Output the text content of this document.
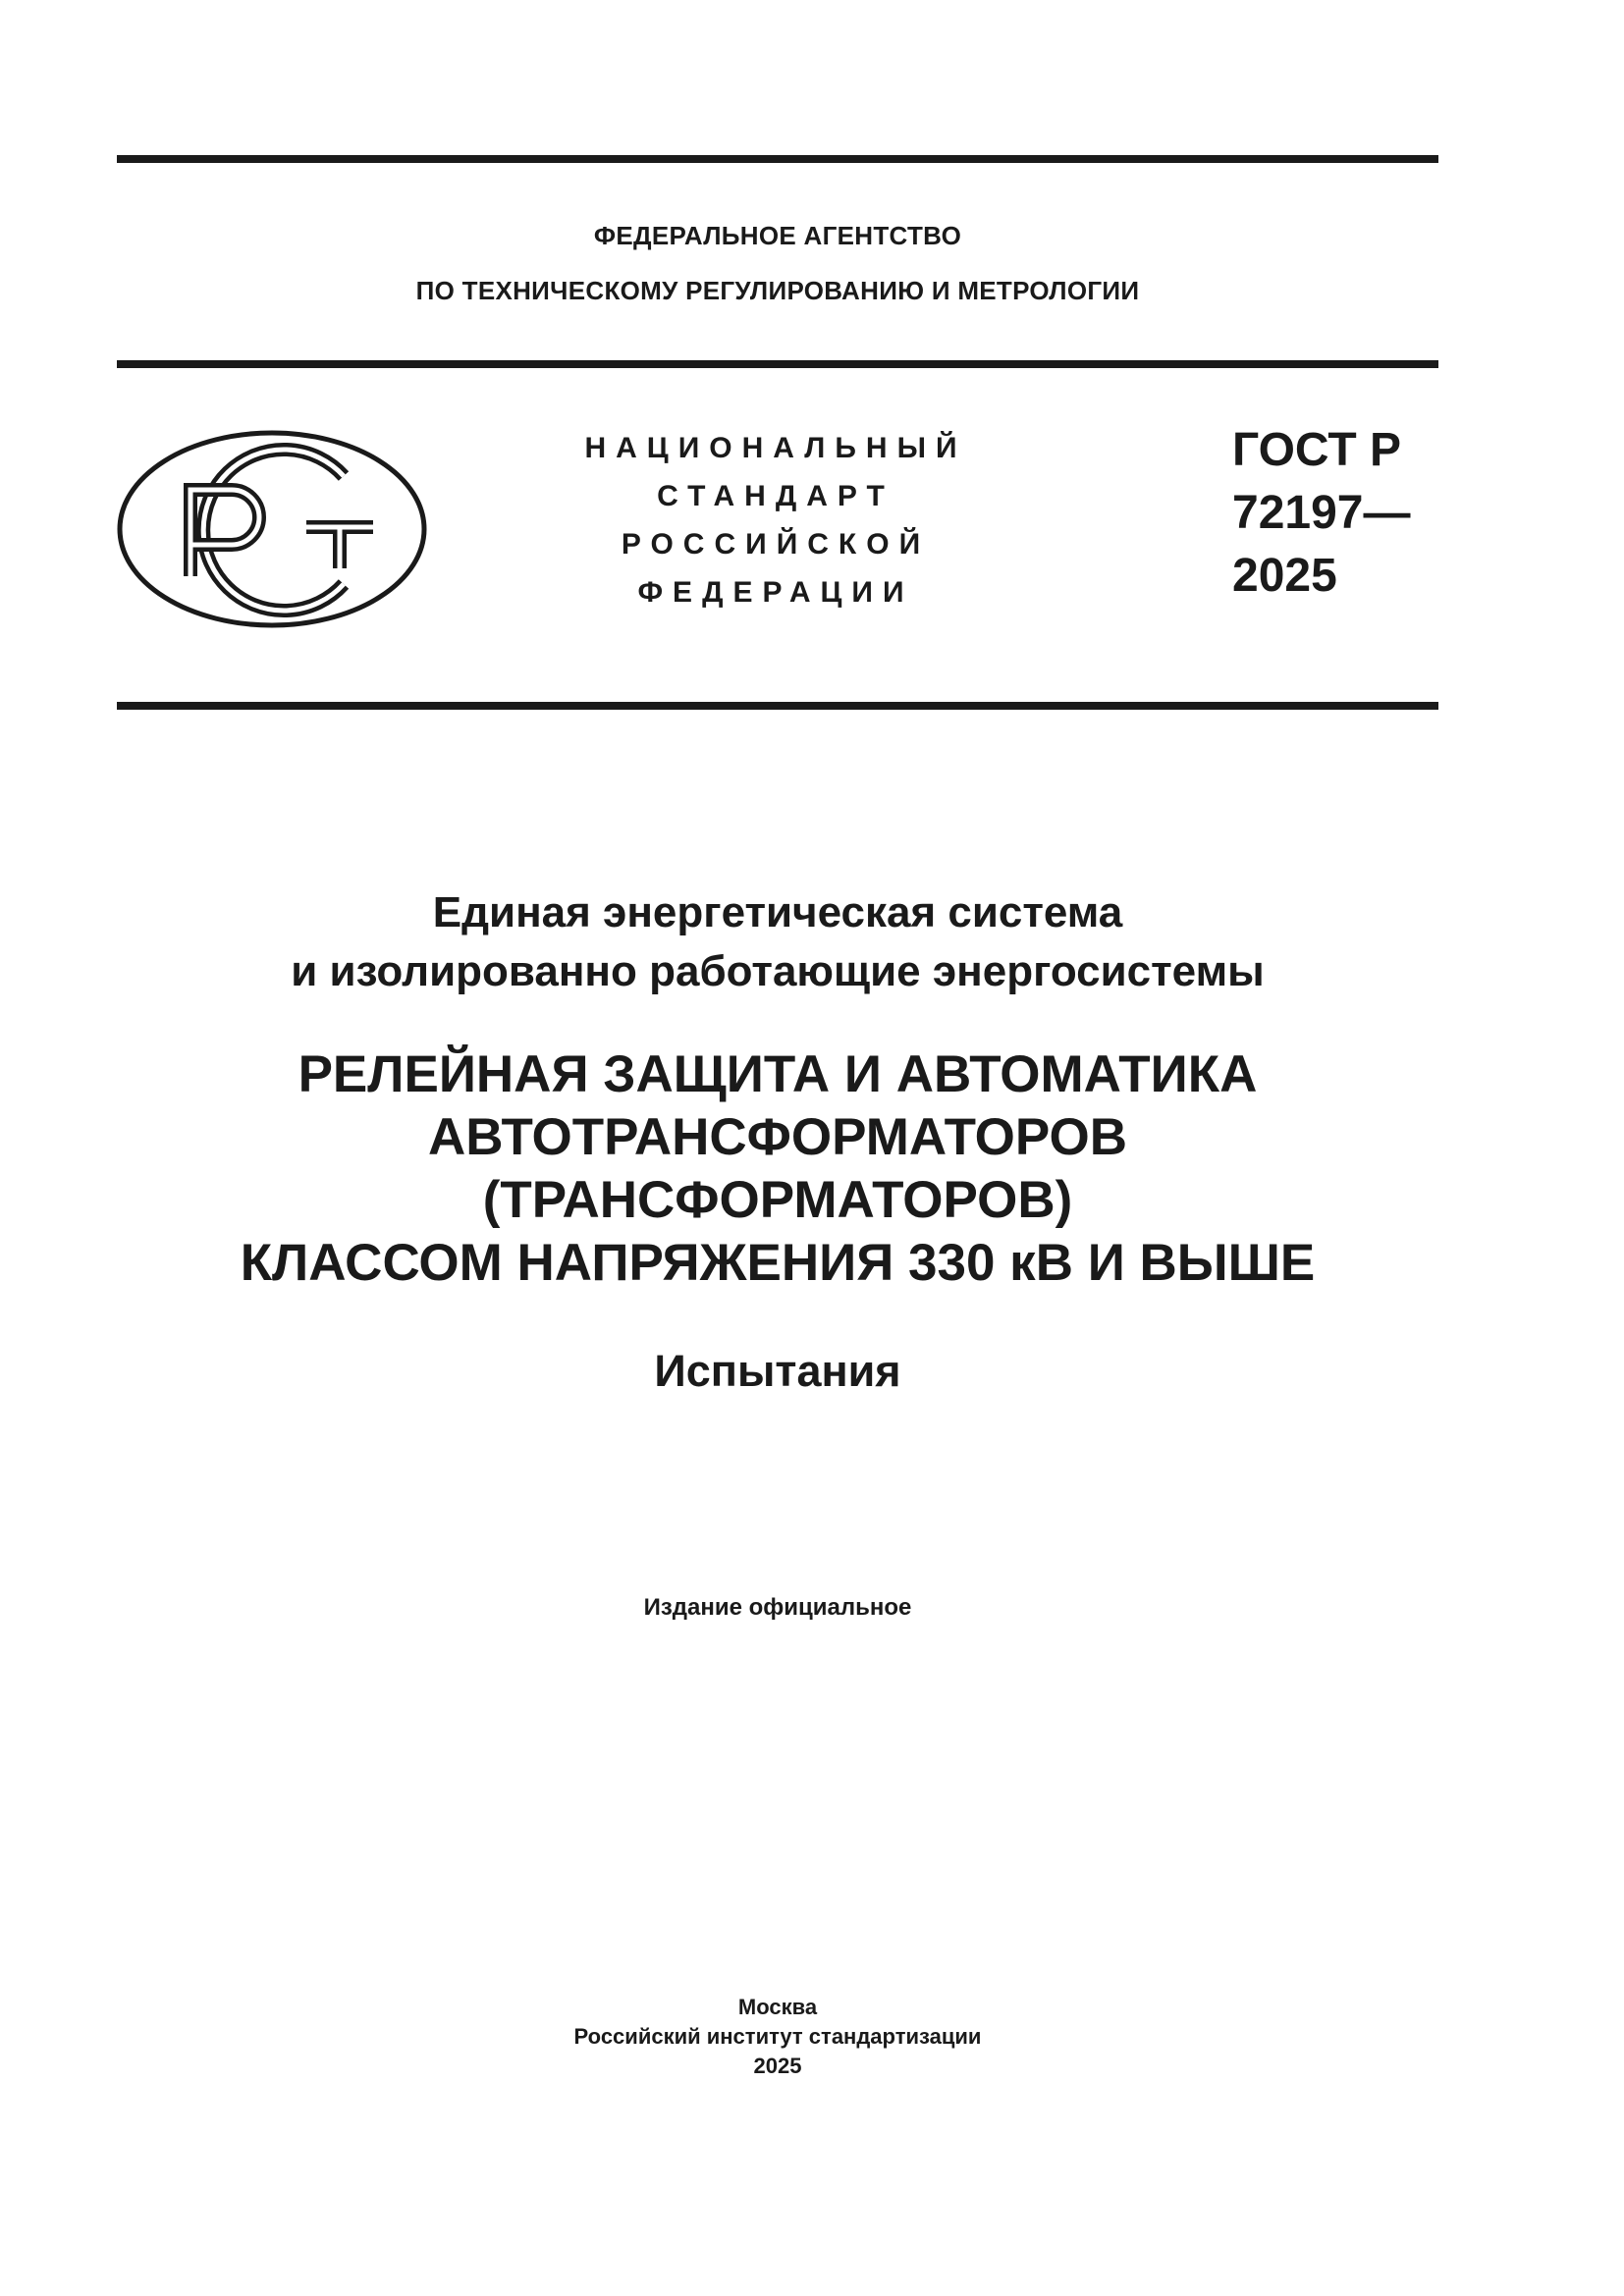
ФЕДЕРАЛЬНОЕ АГЕНТСТВО
ПО ТЕХНИЧЕСКОМУ РЕГУЛИРОВАНИЮ И МЕТРОЛОГИИ
НАЦИОНАЛЬНЫЙ
СТАНДАРТ
РОССИЙСКОЙ
ФЕДЕРАЦИИ
ГОСТ Р
72197—
2025
Единая энергетическая система
и изолированно работающие энергосистемы
РЕЛЕЙНАЯ ЗАЩИТА И АВТОМАТИКА
АВТОТРАНСФОРМАТОРОВ
(ТРАНСФОРМАТОРОВ)
КЛАССОМ НАПРЯЖЕНИЯ 330 кВ И ВЫШЕ
Испытания
Издание официальное
Москва
Российский институт стандартизации
2025
